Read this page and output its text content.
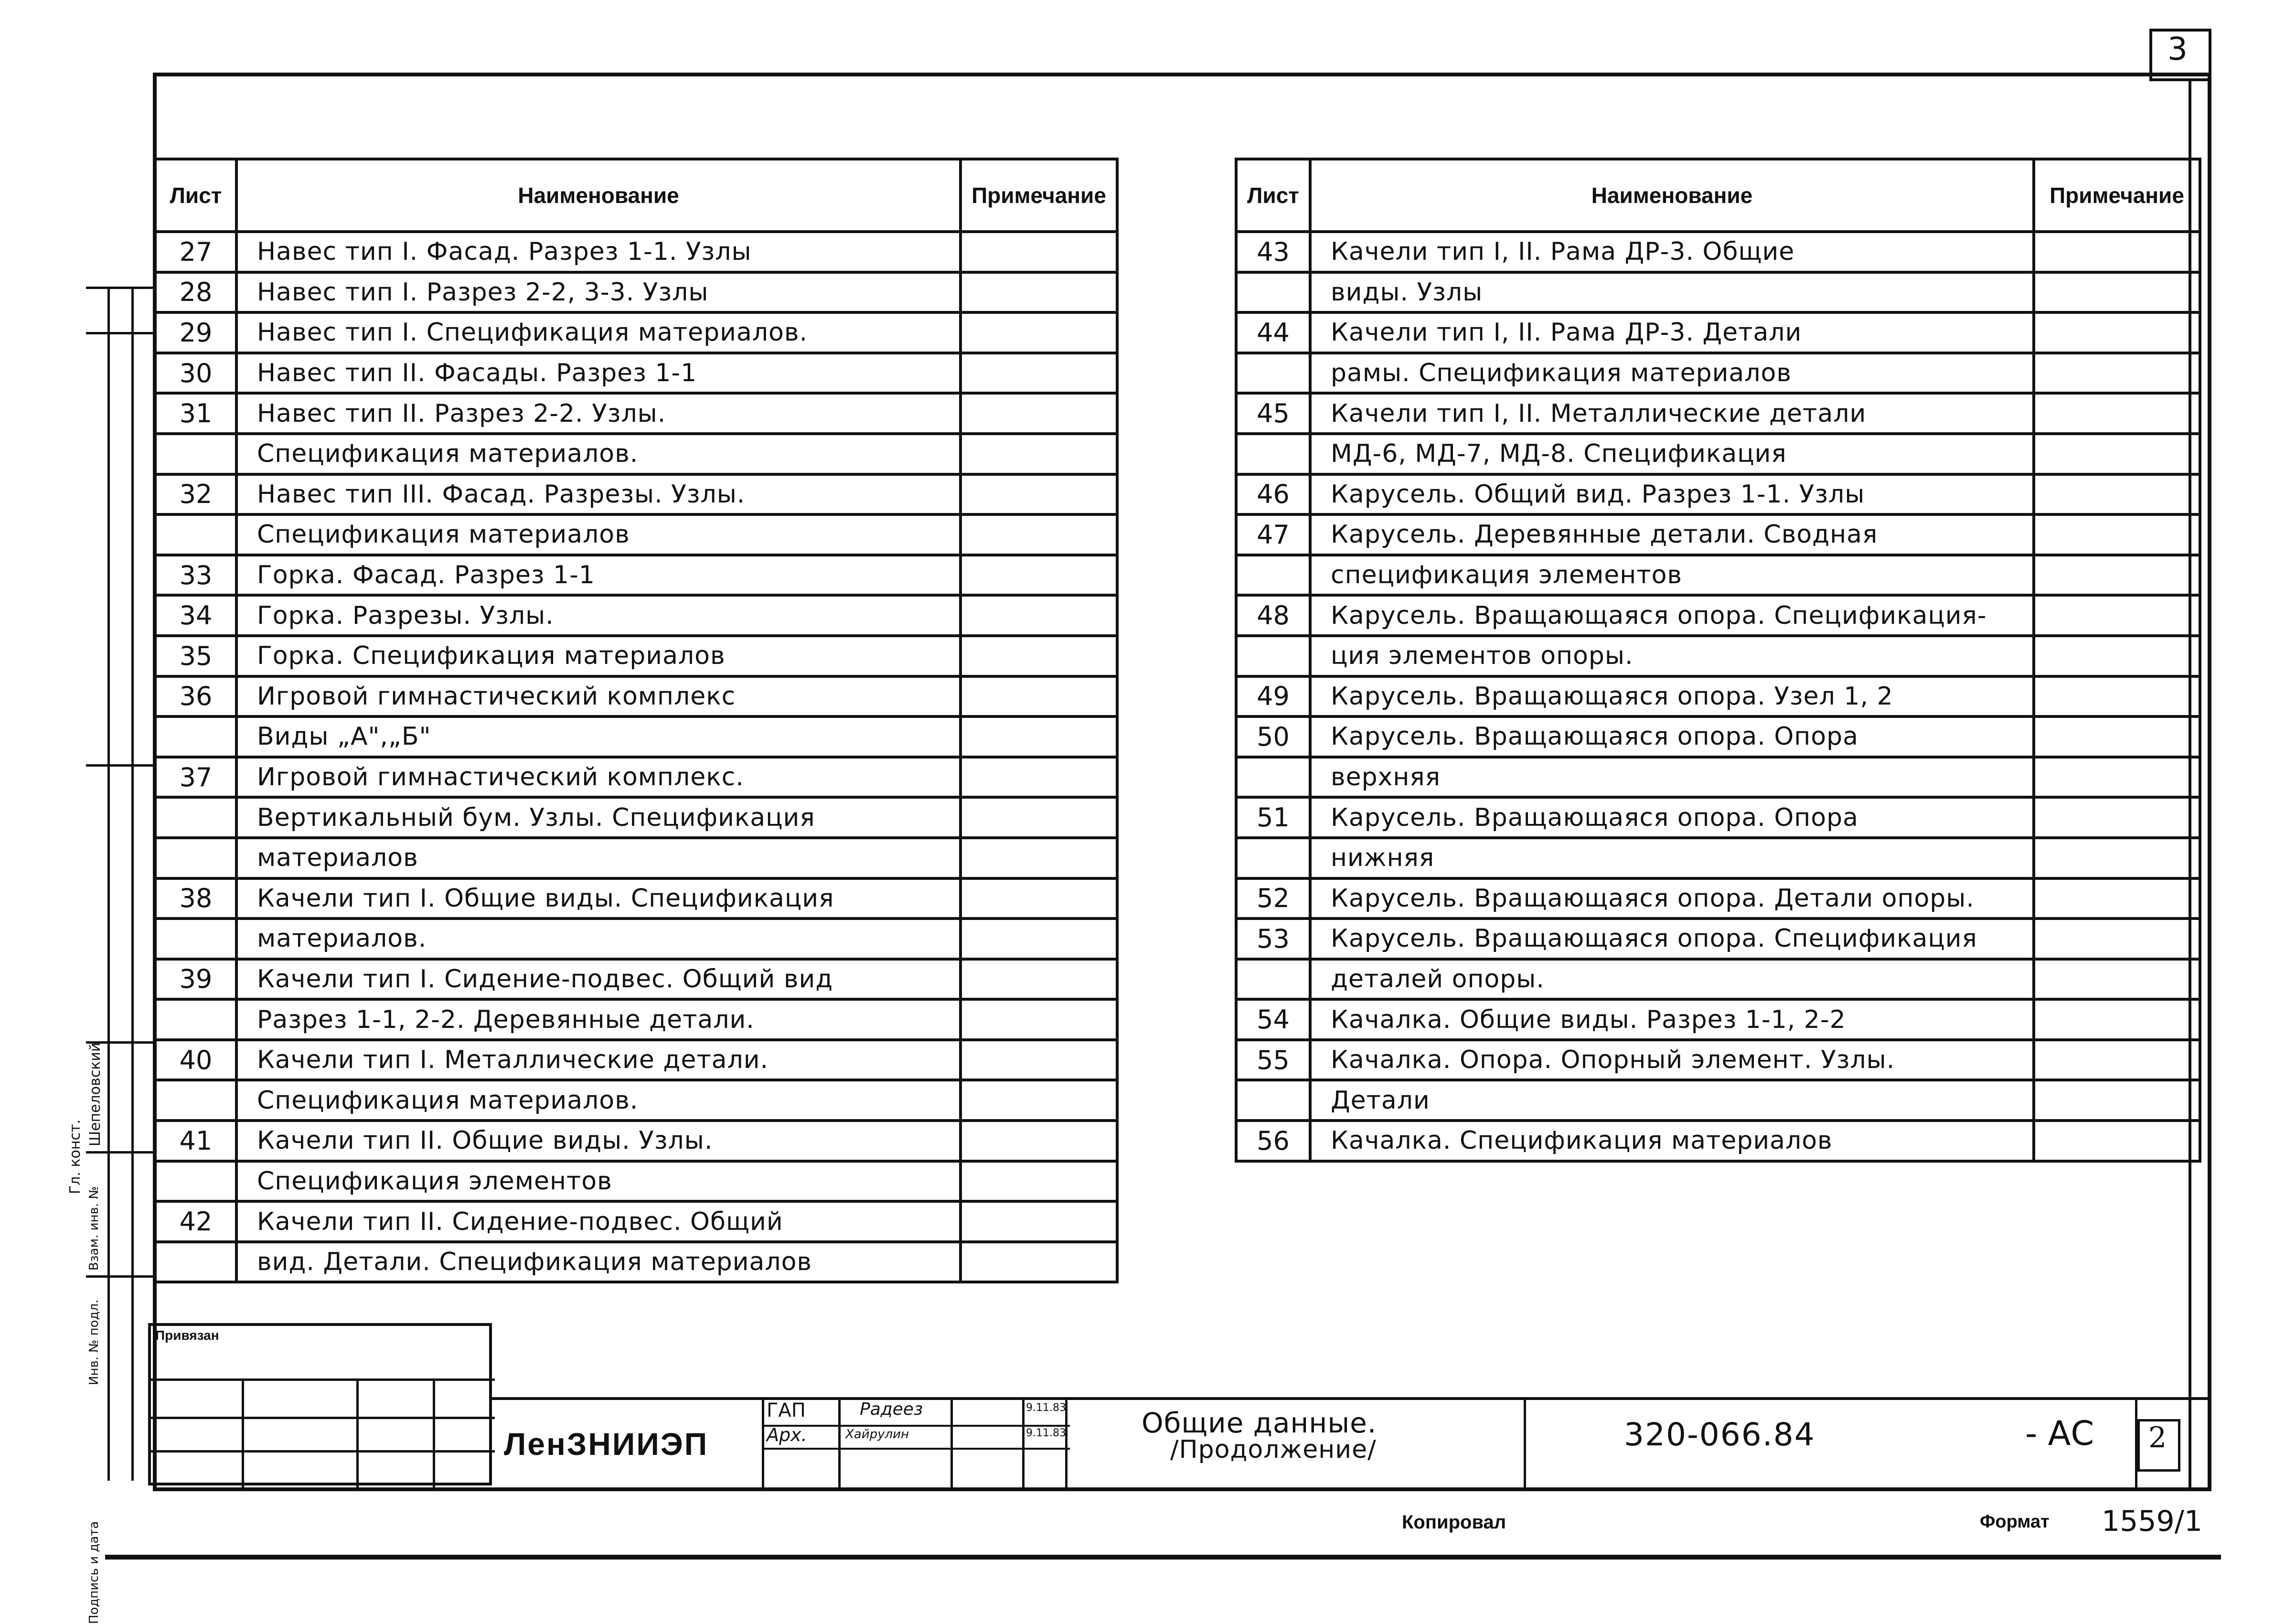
3
Гл. конст.
Шепеловский
Инв. № подл.
Подпись и дата
Взам. инв. №
Лист	Наименование	Примечание
27	Навес тип I. Фасад. Разрез 1-1. Узлы	
28	Навес тип I. Разрез 2-2, 3-3. Узлы	
29	Навес тип I. Спецификация материалов.	
30	Навес тип II. Фасады. Разрез 1-1	
31	Навес тип II. Разрез 2-2. Узлы.	
	Спецификация материалов.	
32	Навес тип III. Фасад. Разрезы. Узлы.	
	Спецификация материалов	
33	Горка. Фасад. Разрез 1-1	
34	Горка. Разрезы. Узлы.	
35	Горка. Спецификация материалов	
36	Игровой гимнастический комплекс	
	Виды „А",„Б"	
37	Игровой гимнастический комплекс.	
	Вертикальный бум. Узлы. Спецификация	
	материалов	
38	Качели тип I. Общие виды. Спецификация	
	материалов.	
39	Качели тип I. Сидение-подвес. Общий вид	
	Разрез 1-1, 2-2. Деревянные детали.	
40	Качели тип I. Металлические детали.	
	Спецификация материалов.	
41	Качели тип II. Общие виды. Узлы.	
	Спецификация элементов	
42	Качели тип II. Сидение-подвес. Общий	
	вид. Детали. Спецификация материалов	
Лист	Наименование	Примечание
43	Качели тип I, II. Рама ДР-3. Общие	
	виды. Узлы	
44	Качели тип I, II. Рама ДР-3. Детали	
	рамы. Спецификация материалов	
45	Качели тип I, II. Металлические детали	
	МД-6, МД-7, МД-8. Спецификация	
46	Карусель. Общий вид. Разрез 1-1. Узлы	
47	Карусель. Деревянные детали. Сводная	
	спецификация элементов	
48	Карусель. Вращающаяся опора. Спецификация-	
	ция элементов опоры.	
49	Карусель. Вращающаяся опора. Узел 1, 2	
50	Карусель. Вращающаяся опора. Опора	
	верхняя	
51	Карусель. Вращающаяся опора. Опора	
	нижняя	
52	Карусель. Вращающаяся опора. Детали опоры.	
53	Карусель. Вращающаяся опора. Спецификация	
	деталей опоры.	
54	Качалка. Общие виды. Разрез 1-1, 2-2	
55	Качалка. Опора. Опорный элемент. Узлы.	
	Детали	
56	Качалка. Спецификация материалов	
Привязан
ЛенЗНИИЭП
ГАП	Радеез	9.11.83
Арх.	Хайрулин	9.11.83	Общие данные.
/Продолжение/	320-066.84	- АС 2
Копировал	Формат 1559/1
